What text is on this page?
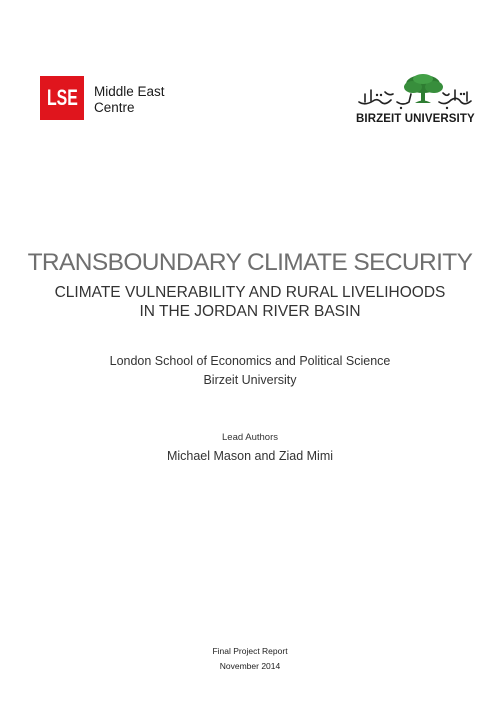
LSE Middle East
Centre
BIRZEIT UNIVERSITY
TRANSBOUNDARY CLIMATE SECURITY
CLIMATE VULNERABILITY AND RURAL LIVELIHOODS
IN THE JORDAN RIVER BASIN
London School of Economics and Political Science
Birzeit University
Lead Authors
Michael Mason and Ziad Mimi
Final Project Report
November 2014
